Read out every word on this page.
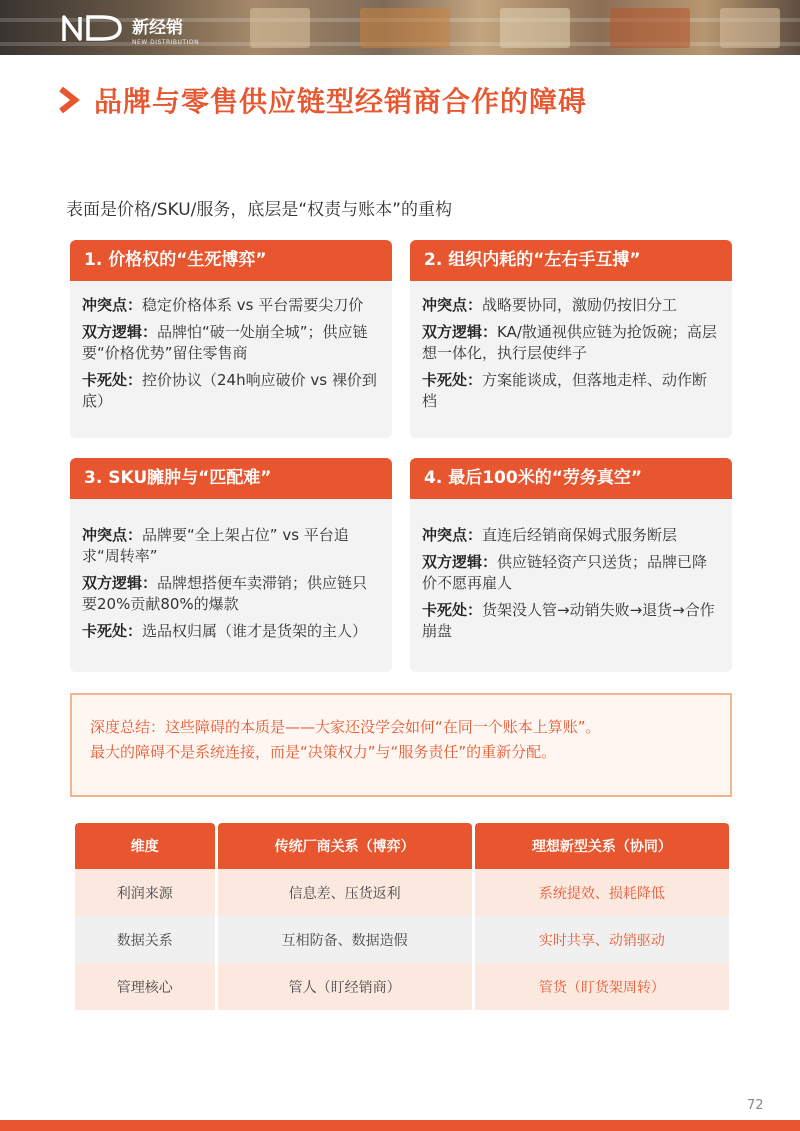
新经销
NEW DISTRIBUTION
品牌与零售供应链型经销商合作的障碍
表面是价格/SKU/服务，底层是“权责与账本”的重构
1. 价格权的“生死博弈”

冲突点：稳定价格体系 vs 平台需要尖刀价

双方逻辑：品牌怕“破一处崩全城”；供应链要“价格优势”留住零售商

卡死处：控价协议（24h响应破价 vs 裸价到底）

2. 组织内耗的“左右手互搏”

冲突点：战略要协同，激励仍按旧分工

双方逻辑：KA/散通视供应链为抢饭碗；高层想一体化，执行层使绊子

卡死处：方案能谈成，但落地走样、动作断档

3. SKU臃肿与“匹配难”

冲突点：品牌要“全上架占位” vs 平台追求“周转率”

双方逻辑：品牌想搭便车卖滞销；供应链只要20%贡献80%的爆款

卡死处：选品权归属（谁才是货架的主人）

4. 最后100米的“劳务真空”

冲突点：直连后经销商保姆式服务断层

双方逻辑：供应链轻资产只送货；品牌已降价不愿再雇人

卡死处：货架没人管→动销失败→退货→合作崩盘

深度总结：这些障碍的本质是——大家还没学会如何“在同一个账本上算账”。
最大的障碍不是系统连接，而是“决策权力”与“服务责任”的重新分配。
维度	传统厂商关系（博弈）	理想新型关系（协同）
利润来源	信息差、压货返利	系统提效、损耗降低
数据关系	互相防备、数据造假	实时共享、动销驱动
管理核心	管人（盯经销商）	管货（盯货架周转）
72
